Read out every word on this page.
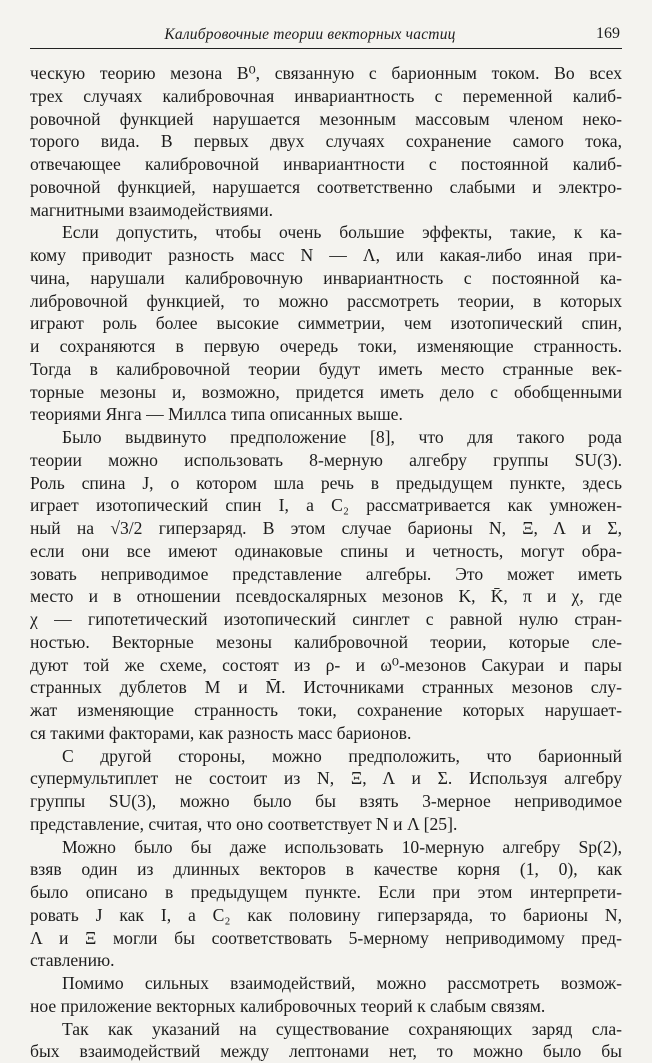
Калибровочные теории векторных частиц	169
ческую теорию мезона B⁰, связанную с барионным током. Во всех
трех случаях калибровочная инвариантность с переменной калиб-
ровочной функцией нарушается мезонным массовым членом неко-
торого вида. В первых двух случаях сохранение самого тока,
отвечающее калибровочной инвариантности с постоянной калиб-
ровочной функцией, нарушается соответственно слабыми и электро-
магнитными взаимодействиями.
Если допустить, чтобы очень большие эффекты, такие, к ка-
кому приводит разность масс N — Λ, или какая-либо иная при-
чина, нарушали калибровочную инвариантность с постоянной ка-
либровочной функцией, то можно рассмотреть теории, в которых
играют роль более высокие симметрии, чем изотопический спин,
и сохраняются в первую очередь токи, изменяющие странность.
Тогда в калибровочной теории будут иметь место странные век-
торные мезоны и, возможно, придется иметь дело с обобщенными
теориями Янга — Миллса типа описанных выше.
Было выдвинуто предположение [8], что для такого рода
теории можно использовать 8-мерную алгебру группы SU(3).
Роль спина J, о котором шла речь в предыдущем пункте, здесь
играет изотопический спин I, а C₂ рассматривается как умножен-
ный на √3/2 гиперзаряд. В этом случае барионы N, Ξ, Λ и Σ,
если они все имеют одинаковые спины и четность, могут обра-
зовать неприводимое представление алгебры. Это может иметь
место и в отношении псевдоскалярных мезонов K, K̄, π и χ, где
χ — гипотетический изотопический синглет с равной нулю стран-
ностью. Векторные мезоны калибровочной теории, которые сле-
дуют той же схеме, состоят из ρ- и ω⁰-мезонов Сакураи и пары
странных дублетов M и M̄. Источниками странных мезонов слу-
жат изменяющие странность токи, сохранение которых нарушает-
ся такими факторами, как разность масс барионов.
С другой стороны, можно предположить, что барионный
супермультиплет не состоит из N, Ξ, Λ и Σ. Используя алгебру
группы SU(3), можно было бы взять 3-мерное неприводимое
представление, считая, что оно соответствует N и Λ [25].
Можно было бы даже использовать 10-мерную алгебру Sp(2),
взяв один из длинных векторов в качестве корня (1, 0), как
было описано в предыдущем пункте. Если при этом интерпрети-
ровать J как I, а C₂ как половину гиперзаряда, то барионы N,
Λ и Ξ могли бы соответствовать 5-мерному неприводимому пред-
ставлению.
Помимо сильных взаимодействий, можно рассмотреть возмож-
ное приложение векторных калибровочных теорий к слабым связям.
Так как указаний на существование сохраняющих заряд сла-
бых взаимодействий между лептонами нет, то можно было бы
